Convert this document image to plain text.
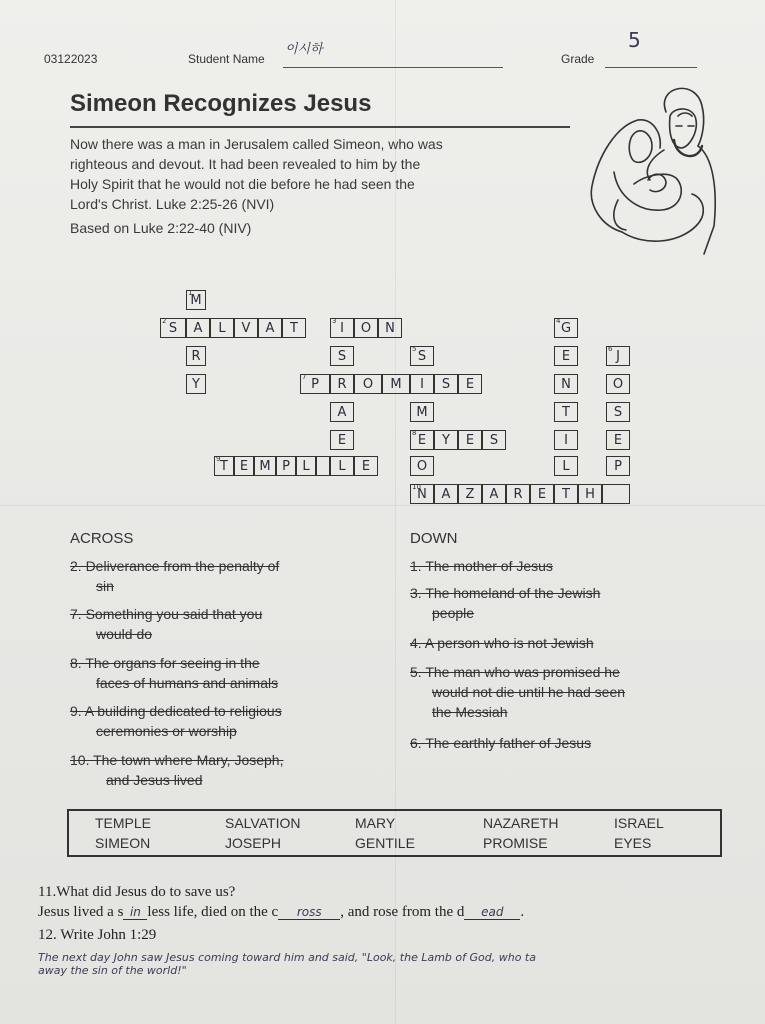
03122023	Student Name
이시하
Grade
5
Simeon Recognizes Jesus
Now there was a man in Jerusalem called Simeon, who was
righteous and devout. It had been revealed to him by the
Holy Spirit that he would not die before he had seen the
Lord's Christ. Luke 2:25-26 (NVI)
Based on Luke 2:22-40 (NIV)
1
M
R
Y
2 S	A	L	V	A	T	3 I	O	N
S
R
A
E
L
7 P	O	M	I	S	E
5 S
M
O
8 E	Y	E	S
9 T E M P L	E
10
N	A	Z	A	R	E	T	H
4 G
E
N
T
I
L
6 J
O
S
E
P
ACROSS
2. Deliverance from the penalty of
sin
7. Something you said that you
would do
8. The organs for seeing in the
faces of humans and animals
9. A building dedicated to religious
ceremonies or worship
10. The town where Mary, Joseph,
and Jesus lived
DOWN
1. The mother of Jesus
3. The homeland of the Jewish
people
4. A person who is not Jewish
5. The man who was promised he
would not die until he had seen
the Messiah
6. The earthly father of Jesus
TEMPLE	SALVATION	MARY	NAZARETH	ISRAEL
SIMEON	JOSEPH	GENTILE	PROMISE	EYES
11.What did Jesus do to save us?
Jesus lived a s in less life, died on the c ross , and rose from the d ead .
12. Write John 1:29
The next day John saw Jesus coming toward him and said, "Look, the Lamb of God, who ta
away the sin of the world!"
